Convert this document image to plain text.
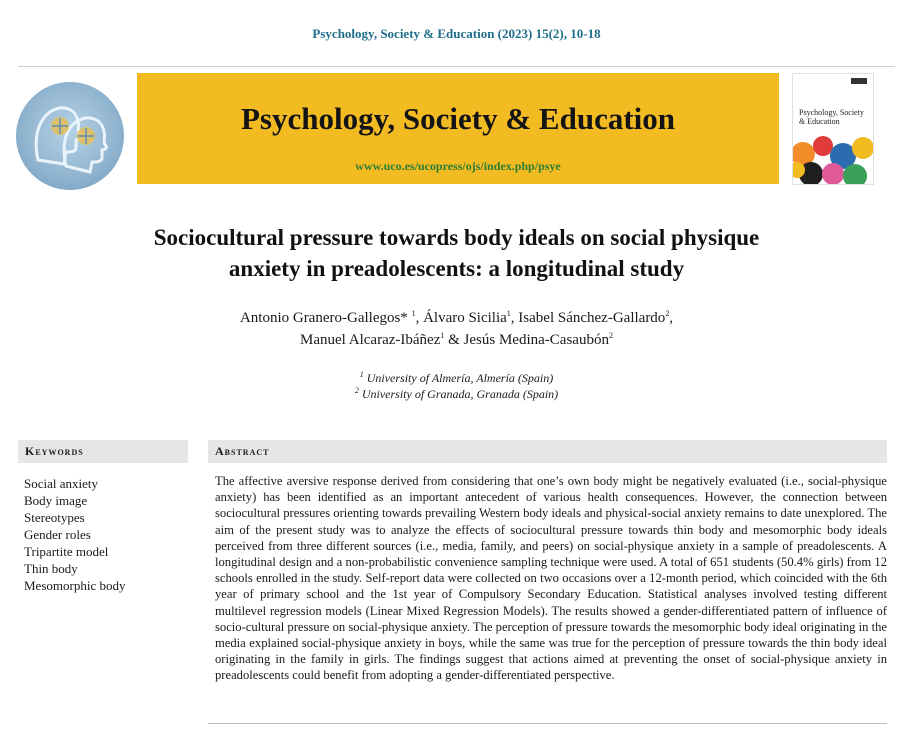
Psychology, Society & Education (2023) 15(2), 10-18
Psychology, Society & Education
www.uco.es/ucopress/ojs/index.php/psye
Psychology, Society & Education
Sociocultural pressure towards body ideals on social physique
anxiety in preadolescents: a longitudinal study
Antonio Granero-Gallegos* $^1$, Álvaro Sicilia$^1$, Isabel Sánchez-Gallardo$^2$,
Manuel Alcaraz-Ibáñez$^1$ & Jesús Medina-Casaubón$^2$
$^1$ University of Almería, Almería (Spain)
$^2$ University of Granada, Granada (Spain)
Keywords	Abstract
Social anxiety
Body image
Stereotypes
Gender roles
Tripartite model
Thin body
Mesomorphic body

The affective aversive response derived from considering that one’s own body might be negatively evaluated (i.e., social-physique anxiety) has been identified as an important antecedent of various health consequences. However, the connection between sociocultural pressures orienting towards prevailing Western body ideals and physical-social anxiety remains to date unexplored. The aim of the present study was to analyze the effects of sociocultural pressure towards thin body and mesomorphic body ideals perceived from three different sources (i.e., media, family, and peers) on social-physique anxiety in a sample of preadolescents. A longitudinal design and a non-probabilistic convenience sampling technique were used. A total of 651 students (50.4% girls) from 12 schools enrolled in the study. Self-report data were collected on two occasions over a 12-month period, which coincided with the 6th year of primary school and the 1st year of Compulsory Secondary Education. Statistical analyses involved testing different multilevel regression models (Linear Mixed Regression Models). The results showed a gender-differentiated pattern of influence of socio-cultural pressure on social-physique anxiety. The perception of pressure towards the mesomorphic body ideal originating in the media explained social-physique anxiety in boys, while the same was true for the perception of pressure towards the thin body ideal originating in the family in girls. The findings suggest that actions aimed at preventing the onset of social-physique anxiety in preadolescents could benefit from adopting a gender-differentiated perspective.
